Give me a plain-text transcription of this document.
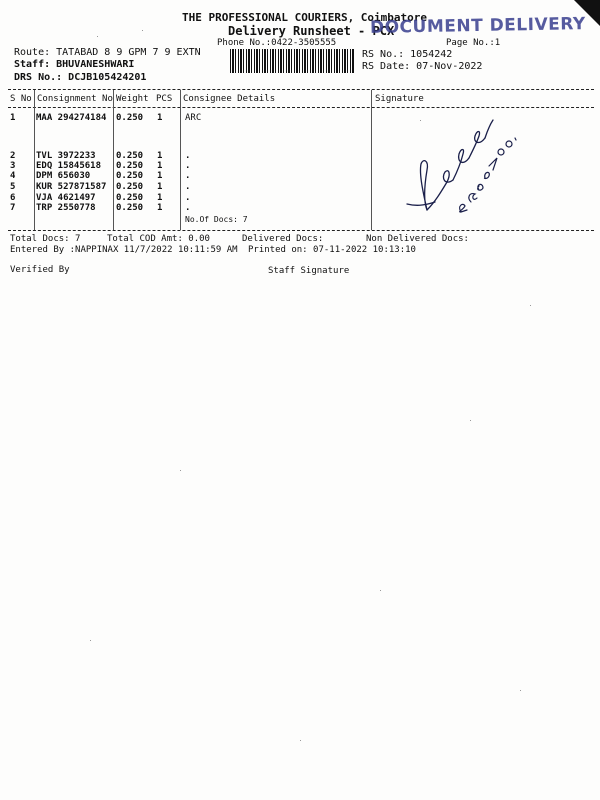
THE PROFESSIONAL COURIERS, Coimbatore
Delivery Runsheet - PCX
DOCUMENT DELIVERY
Phone No.:0422-3505555	Page No.:1
Route: TATABAD 8 9 GPM 7 9 EXTN
Staff: BHUVANESHWARI
DRS No.: DCJB105424201
RS No.: 1054242
RS Date: 07-Nov-2022
S No Consignment No Weight PCS Consignee Details	Signature
1 MAA 294274184 0.250 1	ARC
2 TVL 3972233 0.250 1	.
3 EDQ 15845618 0.250 1	.
4 DPM 656030	0.250 1	.
5 KUR 527871587 0.250 1	.
6 VJA 4621497 0.250 1	.
7 TRP 2550778 0.250 1	.
No.Of Docs: 7
Total Docs: 7	Total COD Amt: 0.00	Delivered Docs:	Non Delivered Docs:
Entered By :NAPPINAX 11/7/2022 10:11:59 AM Printed on: 07-11-2022 10:13:10
Verified By	Staff Signature
